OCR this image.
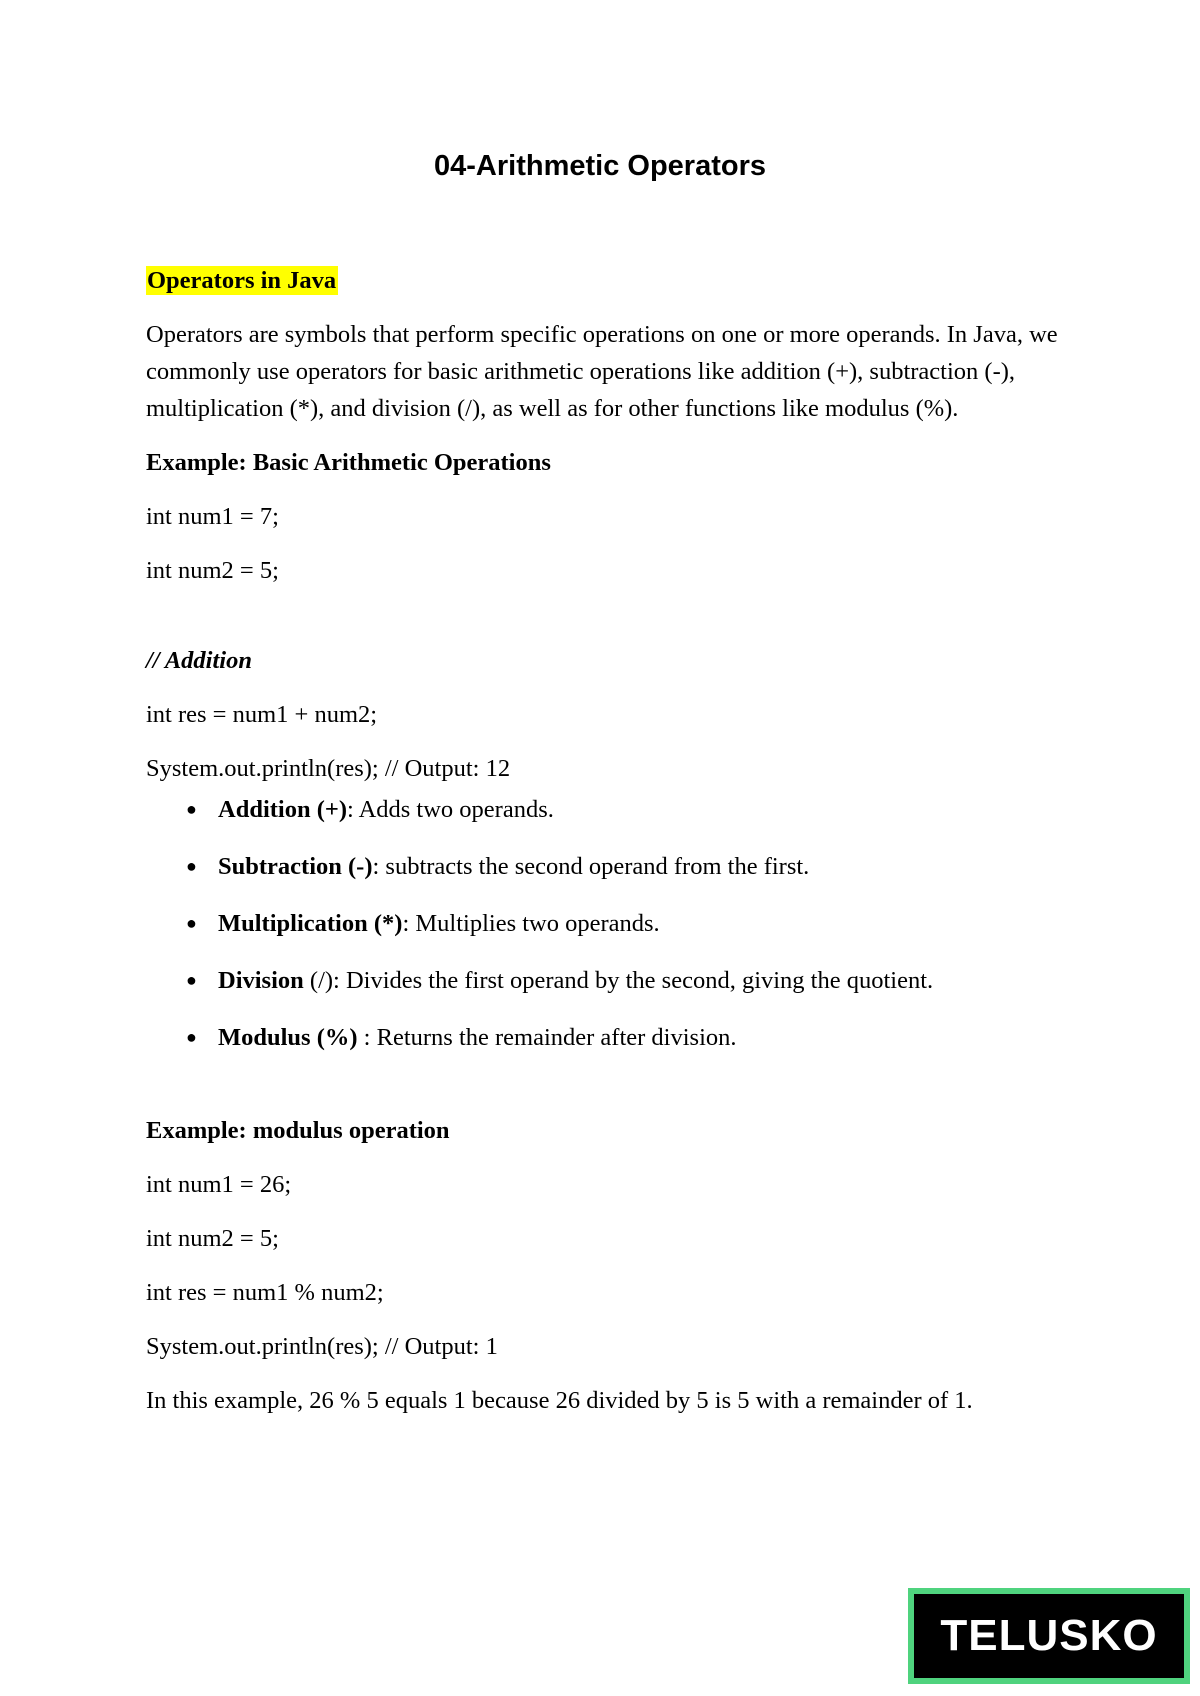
04-Arithmetic Operators

Operators in Java

Operators are symbols that perform specific operations on one or more operands. In Java, we commonly use operators for basic arithmetic operations like addition (+), subtraction (-), multiplication (*), and division (/), as well as for other functions like modulus (%).

Example: Basic Arithmetic Operations

int num1 = 7;

int num2 = 5;

// Addition

int res = num1 + num2;

System.out.println(res); // Output: 12

● Addition (+): Adds two operands.
● Subtraction (-): subtracts the second operand from the first.
● Multiplication (*): Multiplies two operands.
● Division (/): Divides the first operand by the second, giving the quotient.
● Modulus (%) : Returns the remainder after division.

Example: modulus operation

int num1 = 26;

int num2 = 5;

int res = num1 % num2;

System.out.println(res); // Output: 1

In this example, 26 % 5 equals 1 because 26 divided by 5 is 5 with a remainder of 1.

TELUSKO
